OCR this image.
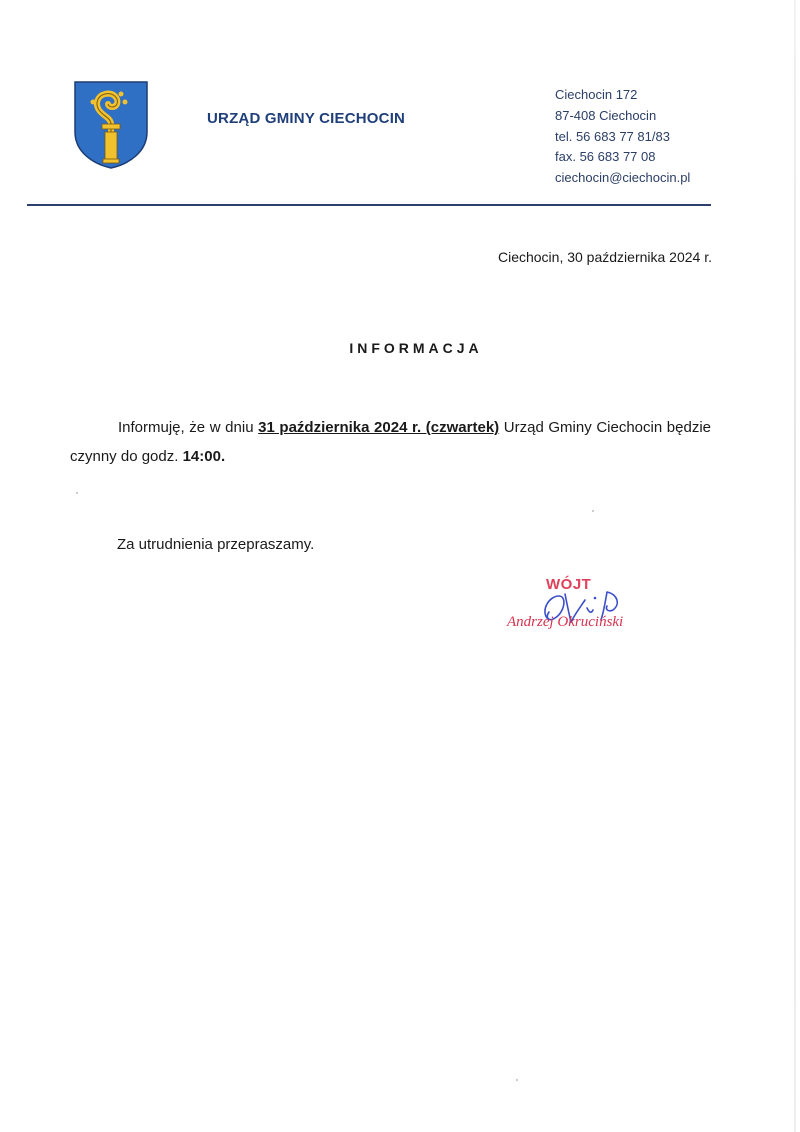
URZĄD GMINY CIECHOCIN
Ciechocin 172
87-408 Ciechocin
tel. 56 683 77 81/83
fax. 56 683 77 08
ciechocin@ciechocin.pl
Ciechocin, 30 października 2024 r.
INFORMACJA
Informuję, że w dniu 31 października 2024 r. (czwartek) Urząd Gminy Ciechocin będzie czynny do godz. 14:00.
Za utrudnienia przepraszamy.
WÓJT
Andrzej Okruciński
